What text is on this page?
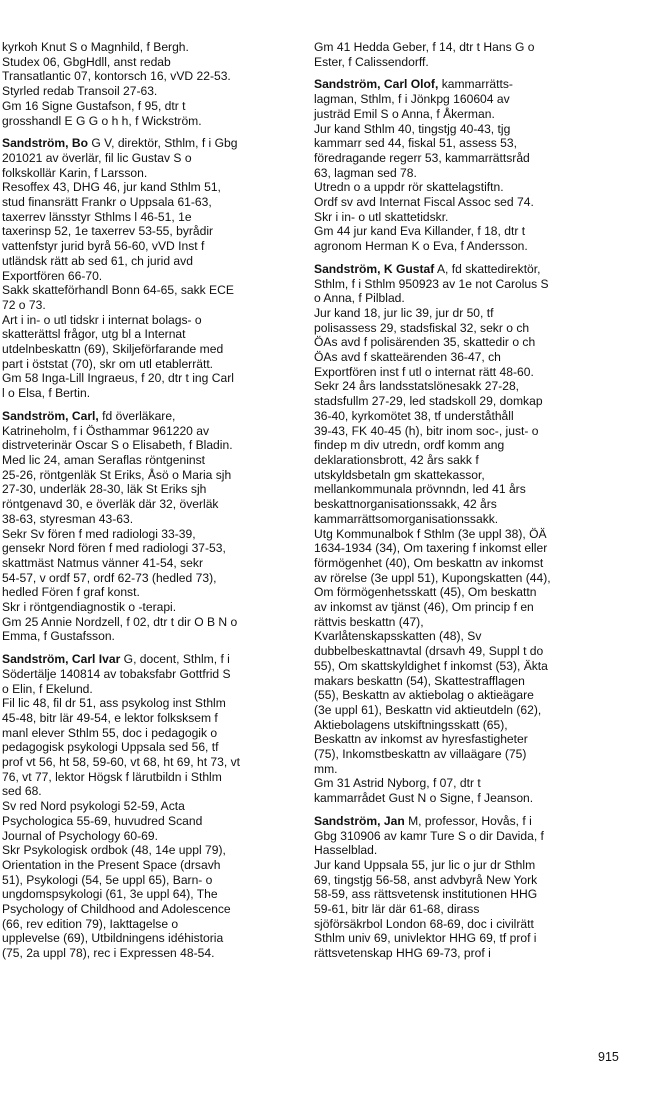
kyrkoh Knut S o Magnhild, f Bergh.
Studex 06, GbgHdll, anst redab
Transatlantic 07, kontorsch 16, vVD 22-53.
Styrled redab Transoil 27-63.
Gm 16 Signe Gustafson, f 95, dtr t
grosshandl E G G o h h, f Wickström.

Sandström, Bo G V, direktör, Sthlm, f i Gbg
201021 av överlär, fil lic Gustav S o
folkskollär Karin, f Larsson.
Resoffex 43, DHG 46, jur kand Sthlm 51,
stud finansrätt Frankr o Uppsala 61-63,
taxerrev länsstyr Sthlms l 46-51, 1e
taxerinsp 52, 1e taxerrev 53-55, byrådir
vattenfstyr jurid byrå 56-60, vVD Inst f
utländsk rätt ab sed 61, ch jurid avd
Exportfören 66-70.
Sakk skatteförhandl Bonn 64-65, sakk ECE
72 o 73.
Art i in- o utl tidskr i internat bolags- o
skatterättsl frågor, utg bl a Internat
utdelnbeskattn (69), Skiljeförfarande med
part i öststat (70), skr om utl etablerrätt.
Gm 58 Inga-Lill Ingraeus, f 20, dtr t ing Carl
l o Elsa, f Bertin.

Sandström, Carl, fd överläkare,
Katrineholm, f i Östhammar 961220 av
distrveterinär Oscar S o Elisabeth, f Bladin.
Med lic 24, aman Seraflas röntgeninst
25-26, röntgenläk St Eriks, Åsö o Maria sjh
27-30, underläk 28-30, läk St Eriks sjh
röntgenavd 30, e överläk där 32, överläk
38-63, styresman 43-63.
Sekr Sv fören f med radiologi 33-39,
gensekr Nord fören f med radiologi 37-53,
skattmäst Natmus vänner 41-54, sekr
54-57, v ordf 57, ordf 62-73 (hedled 73),
hedled Fören f graf konst.
Skr i röntgendiagnostik o -terapi.
Gm 25 Annie Nordzell, f 02, dtr t dir O B N o
Emma, f Gustafsson.

Sandström, Carl Ivar G, docent, Sthlm, f i
Södertälje 140814 av tobaksfabr Gottfrid S
o Elin, f Ekelund.
Fil lic 48, fil dr 51, ass psykolog inst Sthlm
45-48, bitr lär 49-54, e lektor folksksem f
manl elever Sthlm 55, doc i pedagogik o
pedagogisk psykologi Uppsala sed 56, tf
prof vt 56, ht 58, 59-60, vt 68, ht 69, ht 73, vt
76, vt 77, lektor Högsk f lärutbildn i Sthlm
sed 68.
Sv red Nord psykologi 52-59, Acta
Psychologica 55-69, huvudred Scand
Journal of Psychology 60-69.
Skr Psykologisk ordbok (48, 14e uppl 79),
Orientation in the Present Space (drsavh
51), Psykologi (54, 5e uppl 65), Barn- o
ungdomspsykologi (61, 3e uppl 64), The
Psychology of Childhood and Adolescence
(66, rev edition 79), Iakttagelse o
upplevelse (69), Utbildningens idéhistoria
(75, 2a uppl 78), rec i Expressen 48-54.

Gm 41 Hedda Geber, f 14, dtr t Hans G o
Ester, f Calissendorff.

Sandström, Carl Olof, kammarrätts-
lagman, Sthlm, f i Jönkpg 160604 av
justräd Emil S o Anna, f Åkerman.
Jur kand Sthlm 40, tingstjg 40-43, tjg
kammarr sed 44, fiskal 51, assess 53,
föredragande regerr 53, kammarrättsråd
63, lagman sed 78.
Utredn o a uppdr rör skattelagstiftn.
Ordf sv avd Internat Fiscal Assoc sed 74.
Skr i in- o utl skattetidskr.
Gm 44 jur kand Eva Killander, f 18, dtr t
agronom Herman K o Eva, f Andersson.

Sandström, K Gustaf A, fd skattedirektör,
Sthlm, f i Sthlm 950923 av 1e not Carolus S
o Anna, f Pilblad.
Jur kand 18, jur lic 39, jur dr 50, tf
polisassess 29, stadsfiskal 32, sekr o ch
ÖAs avd f polisärenden 35, skattedir o ch
ÖAs avd f skatteärenden 36-47, ch
Exportfören inst f utl o internat rätt 48-60.
Sekr 24 års landsstatslönesakk 27-28,
stadsfullm 27-29, led stadskoll 29, domkap
36-40, kyrkomötet 38, tf underståthåll
39-43, FK 40-45 (h), bitr inom soc-, just- o
findep m div utredn, ordf komm ang
deklarationsbrott, 42 års sakk f
utskyldsbetaln gm skattekassor,
mellankommunala prövnndn, led 41 års
beskattnorganisationssakk, 42 års
kammarrättsomorganisationssakk.
Utg Kommunalbok f Sthlm (3e uppl 38), ÖÄ
1634-1934 (34), Om taxering f inkomst eller
förmögenhet (40), Om beskattn av inkomst
av rörelse (3e uppl 51), Kupongskatten (44),
Om förmögenhetsskatt (45), Om beskattn
av inkomst av tjänst (46), Om princip f en
rättvis beskattn (47),
Kvarlåtenskapsskatten (48), Sv
dubbelbeskattnavtal (drsavh 49, Suppl t do
55), Om skattskyldighet f inkomst (53), Äkta
makars beskattn (54), Skattestrafflagen
(55), Beskattn av aktiebolag o aktieägare
(3e uppl 61), Beskattn vid aktieutdeln (62),
Aktiebolagens utskiftningsskatt (65),
Beskattn av inkomst av hyresfastigheter
(75), Inkomstbeskattn av villaägare (75)
mm.
Gm 31 Astrid Nyborg, f 07, dtr t
kammarrådet Gust N o Signe, f Jeanson.

Sandström, Jan M, professor, Hovås, f i
Gbg 310906 av kamr Ture S o dir Davida, f
Hasselblad.
Jur kand Uppsala 55, jur lic o jur dr Sthlm
69, tingstjg 56-58, anst advbyrå New York
58-59, ass rättsvetensk institutionen HHG
59-61, bitr lär där 61-68, dirass
sjöförsäkrbol London 68-69, doc i civilrätt
Sthlm univ 69, univlektor HHG 69, tf prof i
rättsvetenskap HHG 69-73, prof i

915
